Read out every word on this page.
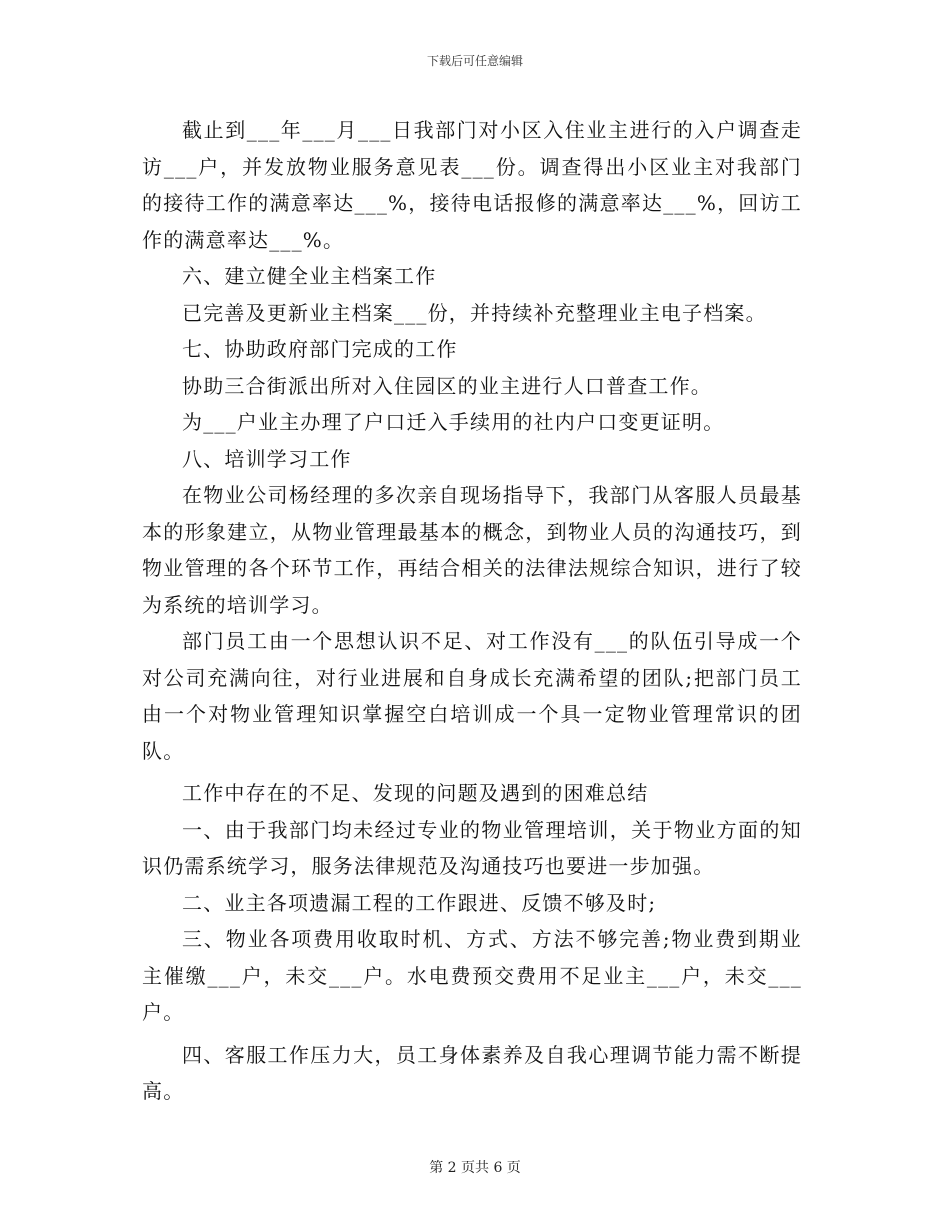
下载后可任意编辑

截止到___年___月___日我部门对小区入住业主进行的入户调查走访___户，并发放物业服务意见表___份。调查得出小区业主对我部门的接待工作的满意率达___%，接待电话报修的满意率达___%，回访工作的满意率达___%。

六、建立健全业主档案工作

已完善及更新业主档案___份，并持续补充整理业主电子档案。

七、协助政府部门完成的工作

协助三合街派出所对入住园区的业主进行人口普查工作。

为___户业主办理了户口迁入手续用的社内户口变更证明。

八、培训学习工作

在物业公司杨经理的多次亲自现场指导下，我部门从客服人员最基本的形象建立，从物业管理最基本的概念，到物业人员的沟通技巧，到物业管理的各个环节工作，再结合相关的法律法规综合知识，进行了较为系统的培训学习。

部门员工由一个思想认识不足、对工作没有___的队伍引导成一个对公司充满向往，对行业进展和自身成长充满希望的团队;把部门员工由一个对物业管理知识掌握空白培训成一个具一定物业管理常识的团队。

工作中存在的不足、发现的问题及遇到的困难总结

一、由于我部门均未经过专业的物业管理培训，关于物业方面的知识仍需系统学习，服务法律规范及沟通技巧也要进一步加强。

二、业主各项遗漏工程的工作跟进、反馈不够及时;

三、物业各项费用收取时机、方式、方法不够完善;物业费到期业主催缴___户，未交___户。水电费预交费用不足业主___户，未交___户。

四、客服工作压力大，员工身体素养及自我心理调节能力需不断提高。

第 2 页共 6 页
